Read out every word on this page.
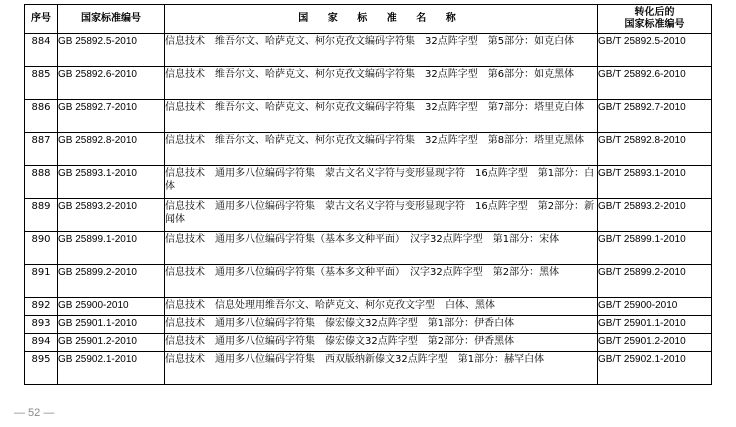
序号	国家标准编号	国 家 标 准 名 称	转化后的
国家标准编号

884	GB 25892.5-2010	信息技术　维吾尔文、哈萨克文、柯尔克孜文编码字符集　32点阵字型　第5部分：如克白体	GB/T 25892.5-2010
885	GB 25892.6-2010	信息技术　维吾尔文、哈萨克文、柯尔克孜文编码字符集　32点阵字型　第6部分：如克黑体	GB/T 25892.6-2010
886	GB 25892.7-2010	信息技术　维吾尔文、哈萨克文、柯尔克孜文编码字符集　32点阵字型　第7部分：塔里克白体	GB/T 25892.7-2010
887	GB 25892.8-2010	信息技术　维吾尔文、哈萨克文、柯尔克孜文编码字符集　32点阵字型　第8部分：塔里克黑体	GB/T 25892.8-2010
888	GB 25893.1-2010	信息技术　通用多八位编码字符集　蒙古文名义字符与变形显现字符　16点阵字型　第1部分：白体	GB/T 25893.1-2010
889	GB 25893.2-2010	信息技术　通用多八位编码字符集　蒙古文名义字符与变形显现字符　16点阵字型　第2部分：新闻体	GB/T 25893.2-2010
890	GB 25899.1-2010	信息技术　通用多八位编码字符集（基本多文种平面）　汉字32点阵字型　第1部分：宋体	GB/T 25899.1-2010
891	GB 25899.2-2010	信息技术　通用多八位编码字符集（基本多文种平面）　汉字32点阵字型　第2部分：黑体	GB/T 25899.2-2010
892	GB 25900-2010	信息技术　信息处理用维吾尔文、哈萨克文、柯尔克孜文字型　白体、黑体	GB/T 25900-2010
893	GB 25901.1-2010	信息技术　通用多八位编码字符集　傣宏傣文32点阵字型　第1部分：伊香白体	GB/T 25901.1-2010
894	GB 25901.2-2010	信息技术　通用多八位编码字符集　傣宏傣文32点阵字型　第2部分：伊香黑体	GB/T 25901.2-2010
895	GB 25902.1-2010	信息技术　通用多八位编码字符集　西双版纳新傣文32点阵字型　第1部分：赫罕白体	GB/T 25902.1-2010
— 52 —
